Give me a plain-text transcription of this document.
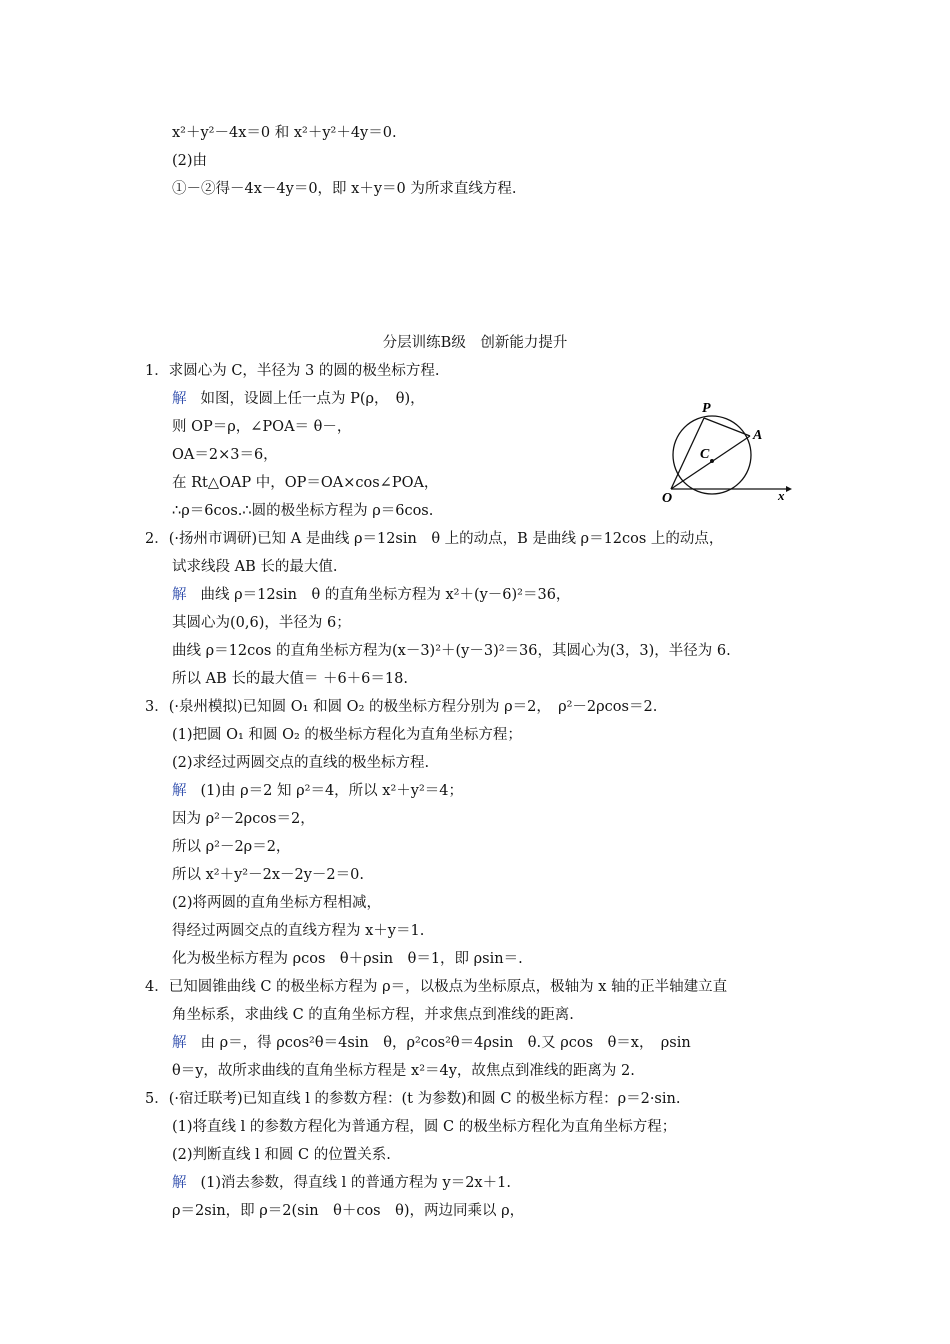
x²＋y²－4x＝0 和 x²＋y²＋4y＝0.
(2)由
①－②得－4x－4y＝0，即 x＋y＝0 为所求直线方程.
分层训练B级　创新能力提升
1．求圆心为 C，半径为 3 的圆的极坐标方程.
解 如图，设圆上任一点为 P(ρ，　θ)，
则 OP＝ρ，∠POA＝ θ－，
OA＝2×3＝6，
在 Rt△OAP 中，OP＝OA×cos∠POA，
∴ρ＝6cos.∴圆的极坐标方程为 ρ＝6cos.
P
A
C
O	x
2．(·扬州市调研)已知 A 是曲线 ρ＝12sin　θ 上的动点，B 是曲线 ρ＝12cos 上的动点，
试求线段 AB 长的最大值.
解 曲线 ρ＝12sin　θ 的直角坐标方程为 x²＋(y－6)²＝36，
其圆心为(0,6)，半径为 6；
曲线 ρ＝12cos 的直角坐标方程为(x－3)²＋(y－3)²＝36，其圆心为(3，3)，半径为 6.
所以 AB 长的最大值＝ ＋6＋6＝18.
3．(·泉州模拟)已知圆 O₁ 和圆 O₂ 的极坐标方程分别为 ρ＝2，　ρ²－2ρcos＝2.
(1)把圆 O₁ 和圆 O₂ 的极坐标方程化为直角坐标方程；
(2)求经过两圆交点的直线的极坐标方程.
解 (1)由 ρ＝2 知 ρ²＝4，所以 x²＋y²＝4；
因为 ρ²－2ρcos＝2，
所以 ρ²－2ρ＝2，
所以 x²＋y²－2x－2y－2＝0.
(2)将两圆的直角坐标方程相减，
得经过两圆交点的直线方程为 x＋y＝1.
化为极坐标方程为 ρcos　θ＋ρsin　θ＝1，即 ρsin＝.
4．已知圆锥曲线 C 的极坐标方程为 ρ＝，以极点为坐标原点，极轴为 x 轴的正半轴建立直
角坐标系，求曲线 C 的直角坐标方程，并求焦点到准线的距离.
解 由 ρ＝，得 ρcos²θ＝4sin　θ，ρ²cos²θ＝4ρsin　θ.又 ρcos　θ＝x，　ρsin
θ＝y，故所求曲线的直角坐标方程是 x²＝4y，故焦点到准线的距离为 2.
5．(·宿迁联考)已知直线 l 的参数方程：(t 为参数)和圆 C 的极坐标方程：ρ＝2·sin.
(1)将直线 l 的参数方程化为普通方程，圆 C 的极坐标方程化为直角坐标方程；
(2)判断直线 l 和圆 C 的位置关系.
解 (1)消去参数，得直线 l 的普通方程为 y＝2x＋1.
ρ＝2sin，即 ρ＝2(sin　θ＋cos　θ)，两边同乘以 ρ，
